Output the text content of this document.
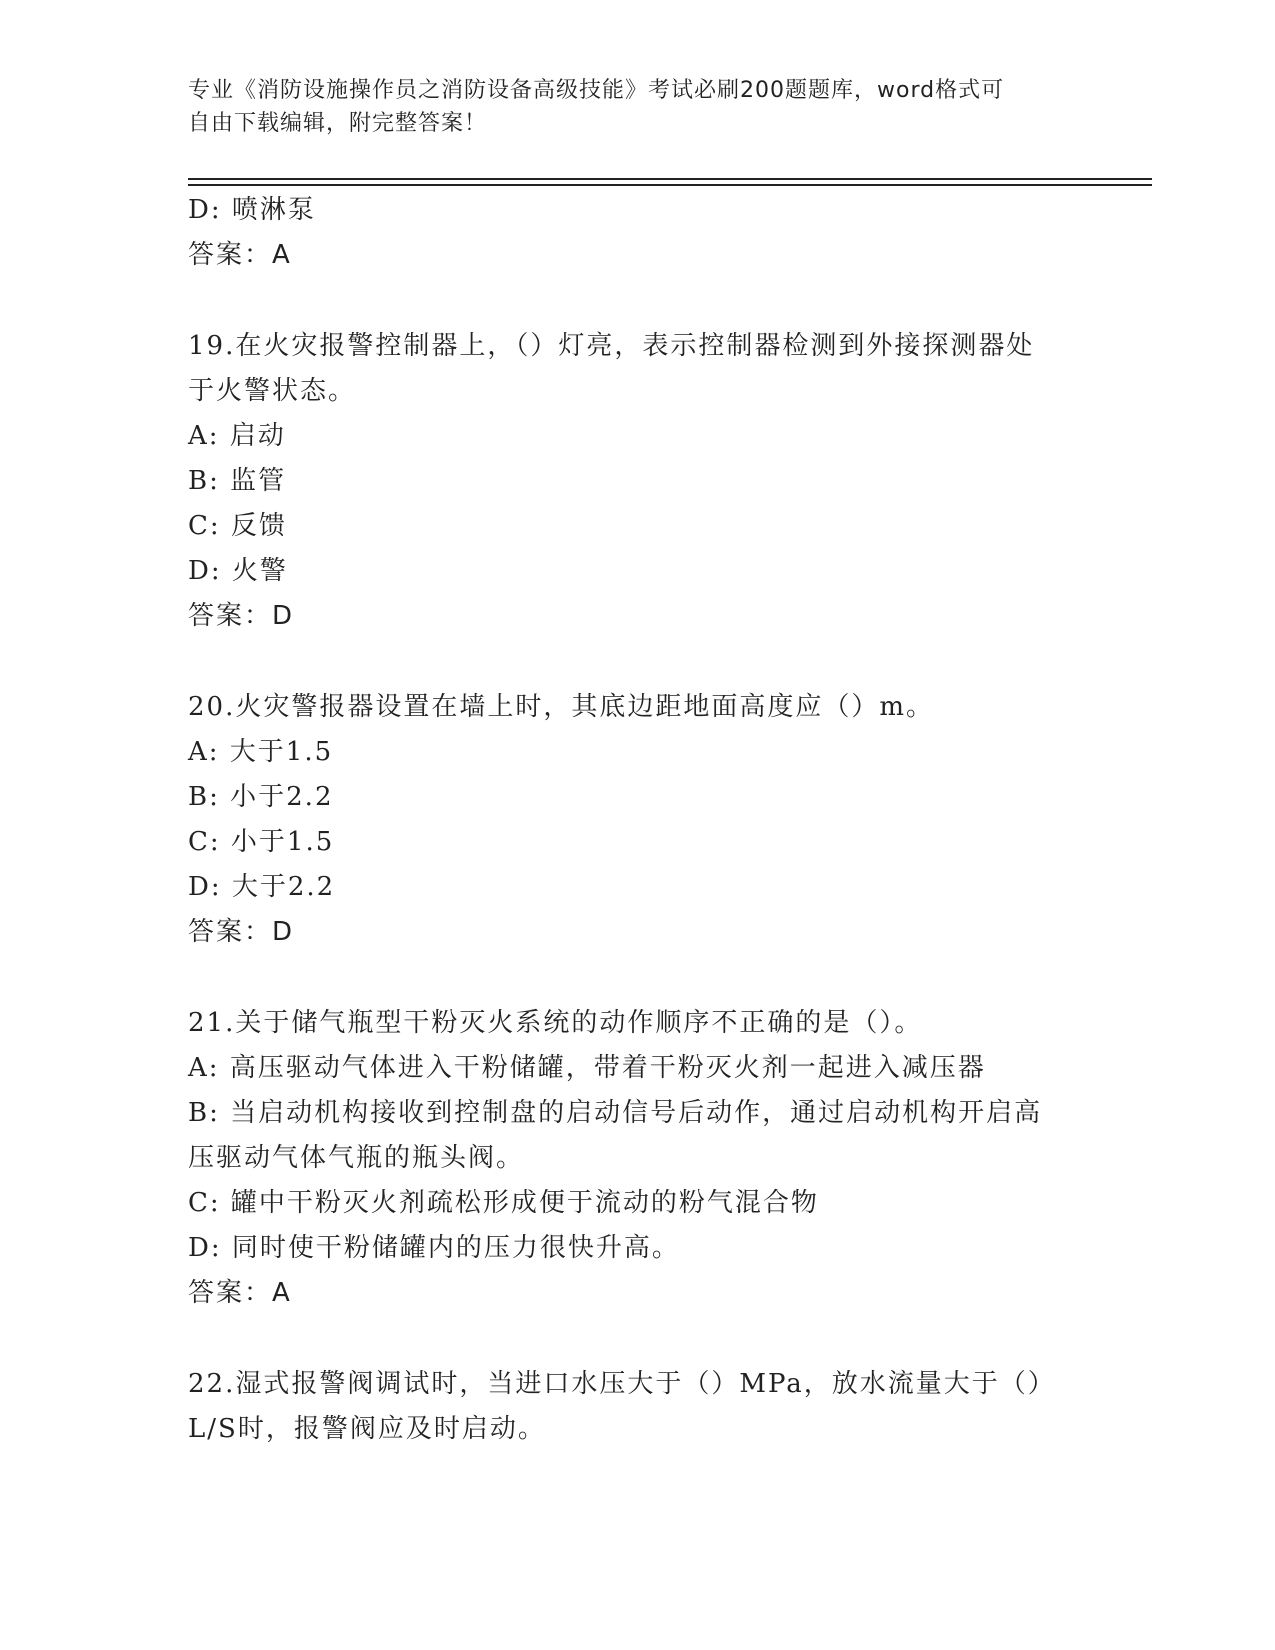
专业《消防设施操作员之消防设备高级技能》考试必刷200题题库，word格式可
自由下载编辑，附完整答案！
D: 喷淋泵
答案：A
19.在火灾报警控制器上，（）灯亮，表示控制器检测到外接探测器处
于火警状态。
A: 启动
B: 监管
C: 反馈
D: 火警
答案：D
20.火灾警报器设置在墙上时，其底边距地面高度应（）m。
A: 大于1.5
B: 小于2.2
C: 小于1.5
D: 大于2.2
答案：D
21.关于储气瓶型干粉灭火系统的动作顺序不正确的是（）。
A: 高压驱动气体进入干粉储罐，带着干粉灭火剂一起进入减压器
B: 当启动机构接收到控制盘的启动信号后动作，通过启动机构开启高
压驱动气体气瓶的瓶头阀。
C: 罐中干粉灭火剂疏松形成便于流动的粉气混合物
D: 同时使干粉储罐内的压力很快升高。
答案：A
22.湿式报警阀调试时，当进口水压大于（）MPa，放水流量大于（）
L/S时，报警阀应及时启动。
